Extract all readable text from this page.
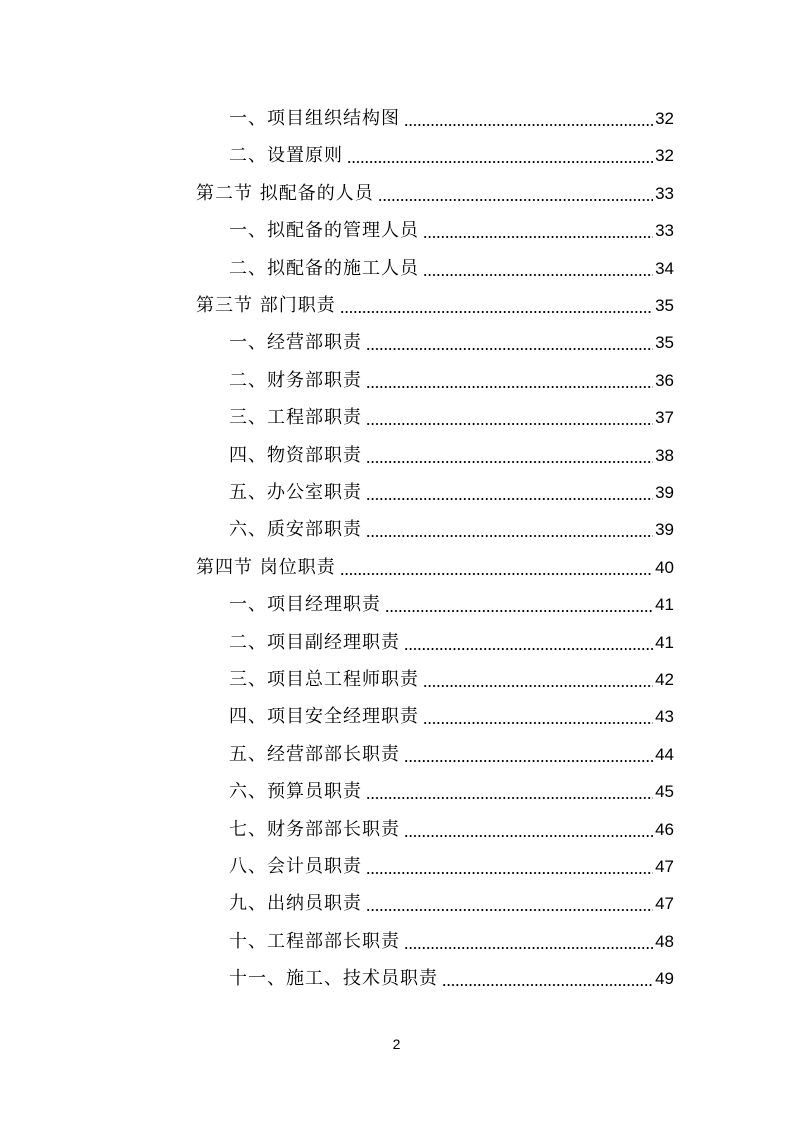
一、项目组织结构图	32
二、设置原则	32
第二节 拟配备的人员	33
一、拟配备的管理人员	33
二、拟配备的施工人员	34
第三节 部门职责	35
一、经营部职责	35
二、财务部职责	36
三、工程部职责	37
四、物资部职责	38
五、办公室职责	39
六、质安部职责	39
第四节 岗位职责	40
一、项目经理职责	41
二、项目副经理职责	41
三、项目总工程师职责	42
四、项目安全经理职责	43
五、经营部部长职责	44
六、预算员职责	45
七、财务部部长职责	46
八、会计员职责	47
九、出纳员职责	47
十、工程部部长职责	48
十一、施工、技术员职责	49
2
